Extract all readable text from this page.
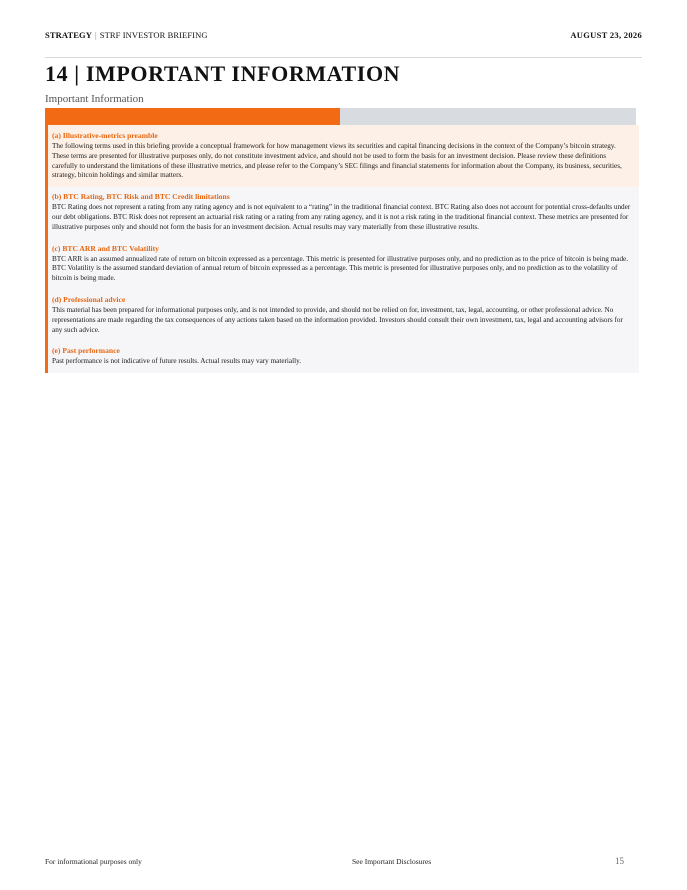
STRATEGY | STRF INVESTOR BRIEFING	AUGUST 23, 2026
14 | IMPORTANT INFORMATION
Important Information
(a) Illustrative-metrics preamble

The following terms used in this briefing provide a conceptual framework for how management views its securities and capital financing decisions in the context of the Company’s bitcoin strategy. These terms are presented for illustrative purposes only, do not constitute investment advice, and should not be used to form the basis for an investment decision. Please review these definitions carefully to understand the limitations of these illustrative metrics, and please refer to the Company’s SEC filings and financial statements for information about the Company, its business, securities, strategy, bitcoin holdings and similar matters.

(b) BTC Rating, BTC Risk and BTC Credit limitations

BTC Rating does not represent a rating from any rating agency and is not equivalent to a “rating” in the traditional financial context. BTC Rating also does not account for potential cross-defaults under our debt obligations. BTC Risk does not represent an actuarial risk rating or a rating from any rating agency, and it is not a risk rating in the traditional financial context. These metrics are presented for illustrative purposes only and should not form the basis for an investment decision. Actual results may vary materially from these illustrative results.

(c) BTC ARR and BTC Volatility

BTC ARR is an assumed annualized rate of return on bitcoin expressed as a percentage. This metric is presented for illustrative purposes only, and no prediction as to the price of bitcoin is being made. BTC Volatility is the assumed standard deviation of annual return of bitcoin expressed as a percentage. This metric is presented for illustrative purposes only, and no prediction as to the volatility of bitcoin is being made.

(d) Professional advice

This material has been prepared for informational purposes only, and is not intended to provide, and should not be relied on for, investment, tax, legal, accounting, or other professional advice. No representations are made regarding the tax consequences of any actions taken based on the information provided. Investors should consult their own investment, tax, legal and accounting advisors for any such advice.

(e) Past performance

Past performance is not indicative of future results. Actual results may vary materially.

For informational purposes only	See Important Disclosures	15
